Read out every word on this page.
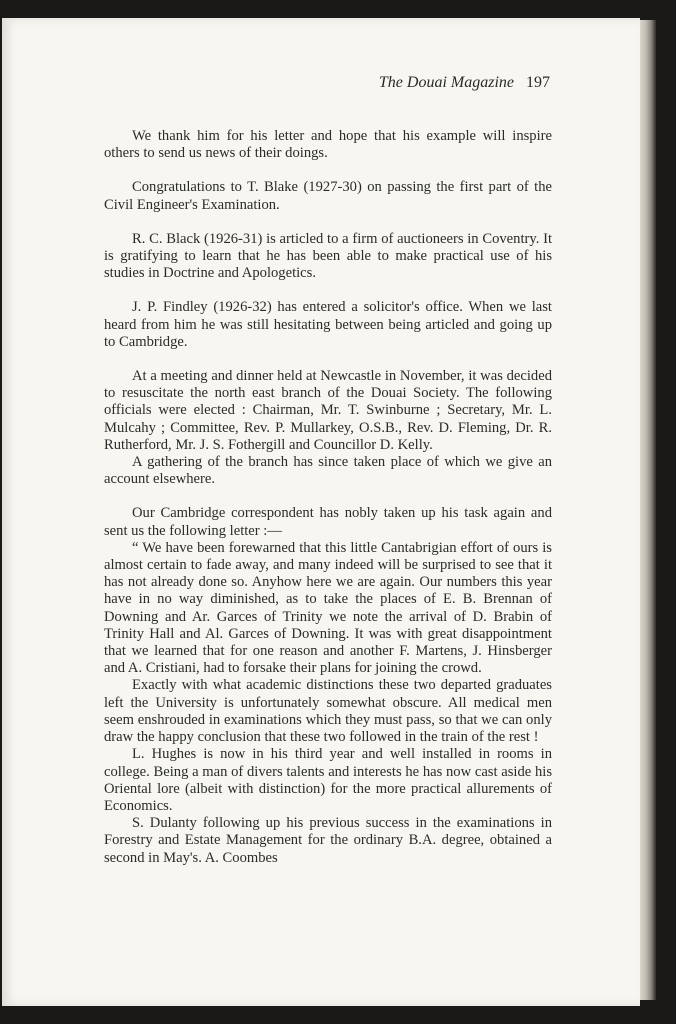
The Douai Magazine 197

We thank him for his letter and hope that his example will inspire others to send us news of their doings.

Congratulations to T. Blake (1927-30) on passing the first part of the Civil Engineer's Examination.

R. C. Black (1926-31) is articled to a firm of auctioneers in Coventry. It is gratifying to learn that he has been able to make practical use of his studies in Doctrine and Apologetics.

J. P. Findley (1926-32) has entered a solicitor's office. When we last heard from him he was still hesitating between being articled and going up to Cambridge.

At a meeting and dinner held at Newcastle in November, it was decided to resuscitate the north east branch of the Douai Society. The following officials were elected : Chairman, Mr. T. Swinburne ; Secretary, Mr. L. Mulcahy ; Committee, Rev. P. Mullarkey, O.S.B., Rev. D. Fleming, Dr. R. Rutherford, Mr. J. S. Fothergill and Councillor D. Kelly.

A gathering of the branch has since taken place of which we give an account elsewhere.

Our Cambridge correspondent has nobly taken up his task again and sent us the following letter :—

“ We have been forewarned that this little Cantabrigian effort of ours is almost certain to fade away, and many indeed will be surprised to see that it has not already done so. Anyhow here we are again. Our numbers this year have in no way diminished, as to take the places of E. B. Brennan of Downing and Ar. Garces of Trinity we note the arrival of D. Brabin of Trinity Hall and Al. Garces of Downing. It was with great disappointment that we learned that for one reason and another F. Martens, J. Hinsberger and A. Cristiani, had to forsake their plans for joining the crowd.

Exactly with what academic distinctions these two departed graduates left the University is unfortunately somewhat obscure. All medical men seem enshrouded in examinations which they must pass, so that we can only draw the happy conclusion that these two followed in the train of the rest !

L. Hughes is now in his third year and well installed in rooms in college. Being a man of divers talents and interests he has now cast aside his Oriental lore (albeit with distinction) for the more practical allurements of Economics.

S. Dulanty following up his previous success in the examinations in Forestry and Estate Management for the ordinary B.A. degree, obtained a second in May's. A. Coombes
